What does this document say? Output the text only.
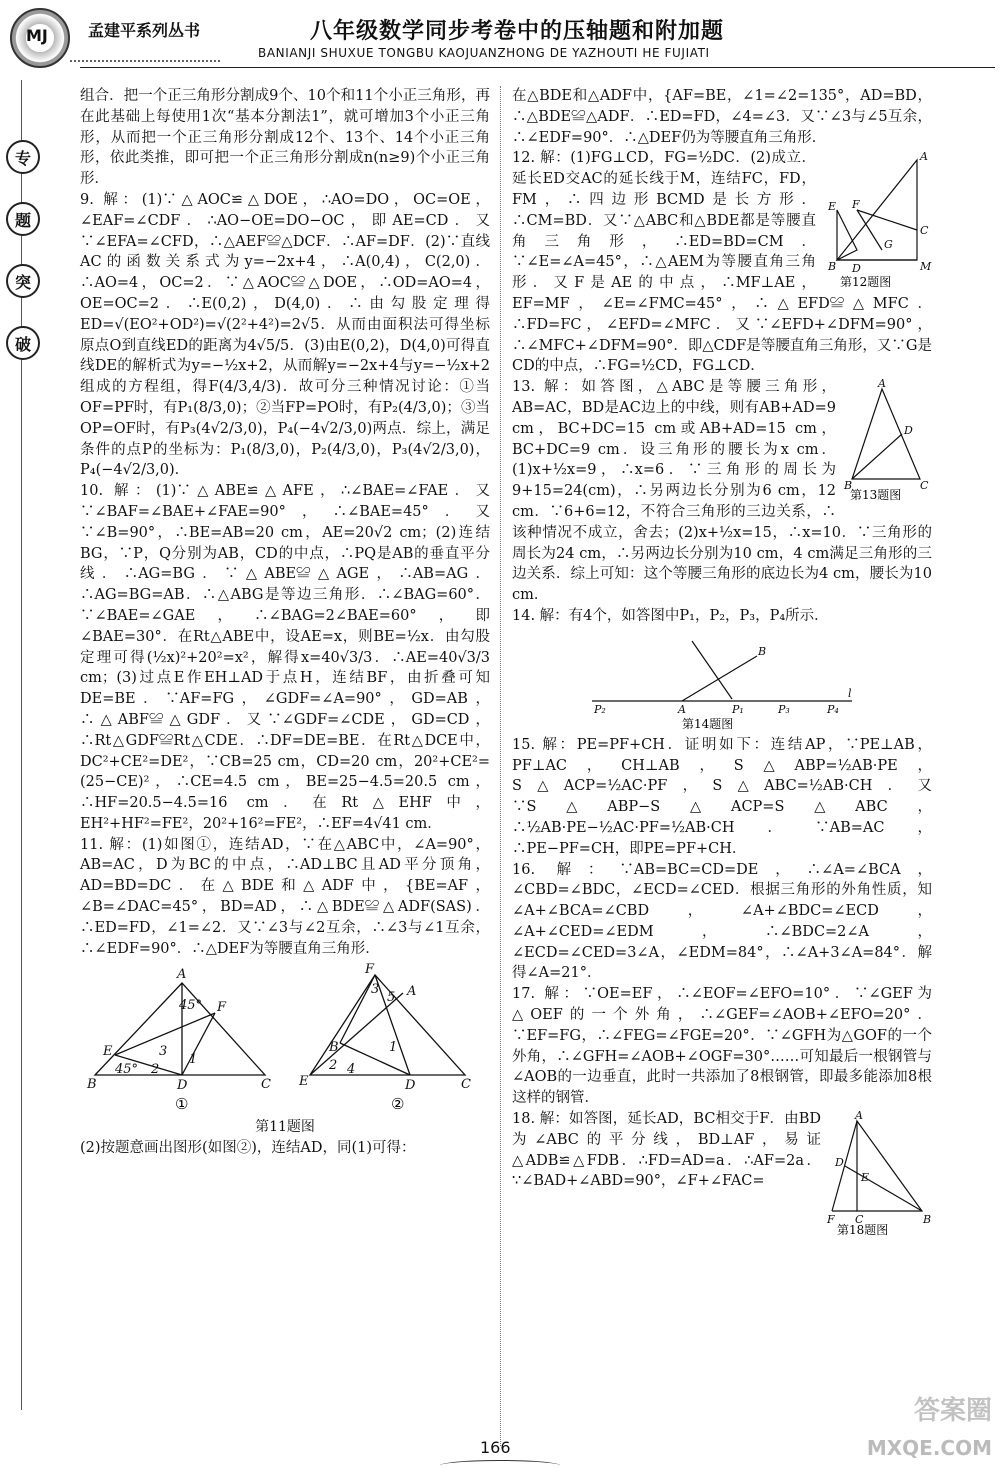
MJ	孟建平系列丛书	八年级数学同步考卷中的压轴题和附加题
BANIANJI SHUXUE TONGBU KAOJUANZHONG DE YAZHOUTI HE FUJIATI
专
题
突
破

组合．把一个正三角形分割成9个、10个和11个小正三角形，再在此基础上每使用1次“基本分割法1”，就可增加3个小正三角形，从而把一个正三角形分割成12个、13个、14个小正三角形，依此类推，即可把一个正三角形分割成n(n≥9)个小正三角形．

9. 解：(1)∵△AOC≌△DOE，∴AO=DO，OC=OE，∠EAF=∠CDF．∴AO−OE=DO−OC，即AE=CD．又∵∠EFA=∠CFD，∴△AEF≌△DCF．∴AF=DF．(2)∵直线AC的函数关系式为y=−2x+4，∴A(0,4)，C(2,0)．∴AO=4，OC=2．∵△AOC≌△DOE，∴OD=AO=4，OE=OC=2．∴E(0,2)，D(4,0)．∴由勾股定理得ED=√(EO²+OD²)=√(2²+4²)=2√5．从而由面积法可得坐标原点O到直线ED的距离为4√5/5．(3)由E(0,2)，D(4,0)可得直线DE的解析式为y=−½x+2，从而解y=−2x+4与y=−½x+2组成的方程组，得F(4/3,4/3)．故可分三种情况讨论：①当OF=PF时，有P₁(8/3,0)；②当FP=PO时，有P₂(4/3,0)；③当OP=OF时，有P₃(4√2/3,0)，P₄(−4√2/3,0)两点．综上，满足条件的点P的坐标为：P₁(8/3,0)，P₂(4/3,0)，P₃(4√2/3,0)，P₄(−4√2/3,0)．

10. 解：(1)∵△ABE≌△AFE，∴∠BAE=∠FAE．又∵∠BAF=∠BAE+∠FAE=90°，∴∠BAE=45°．又∵∠B=90°，∴BE=AB=20 cm，AE=20√2 cm；(2)连结BG，∵P，Q分别为AB，CD的中点，∴PQ是AB的垂直平分线．∴AG=BG．∵△ABE≌△AGE，∴AB=AG．∴AG=BG=AB．∴△ABG是等边三角形．∴∠BAG=60°．∵∠BAE=∠GAE，∴∠BAG=2∠BAE=60°，即∠BAE=30°．在Rt△ABE中，设AE=x，则BE=½x．由勾股定理可得(½x)²+20²=x²，解得x=40√3/3．∴AE=40√3/3 cm；(3)过点E作EH⊥AD于点H，连结BF，由折叠可知DE=BE．∵AF=FG，∠GDF=∠A=90°，GD=AB，∴△ABF≌△GDF．又∵∠GDF=∠CDE，GD=CD，∴Rt△GDF≌Rt△CDE．∴DF=DE=BE．在Rt△DCE中，DC²+CE²=DE²，∵CB=25 cm，CD=20 cm，20²+CE²=(25−CE)²，∴CE=4.5 cm，BE=25−4.5=20.5 cm，∴HF=20.5−4.5=16 cm．在Rt△EHF中，EH²+HF²=FE²，20²+16²=FE²，∴EF=4√41 cm．

11. 解：(1)如图①，连结AD，∵在△ABC中，∠A=90°，AB=AC，D为BC的中点，∴AD⊥BC且AD平分顶角，AD=BD=DC．在△BDE和△ADF中，{BE=AF，∠B=∠DAC=45°，BD=AD，∴△BDE≌△ADF(SAS)．∴ED=FD，∠1=∠2．又∵∠3与∠2互余，∴∠3与∠1互余，∴∠EDF=90°．∴△DEF为等腰直角三角形．

A
B	C
D
E
F
1
2
3
45°
45°
F
A
B
C
D
E
1
2
3
4
5
①	②
第11题图

(2)按题意画出图形(如图②)，连结AD，同(1)可得：

在△BDE和△ADF中，{AF=BE，∠1=∠2=135°，AD=BD，∴△BDE≌△ADF．∴ED=FD，∠4=∠3．又∵∠3与∠5互余，∴∠EDF=90°．∴△DEF仍为等腰直角三角形．

A
B
C
D
E F
G
M
第12题图

12. 解：(1)FG⊥CD，FG=½DC．(2)成立．延长ED交AC的延长线于M，连结FC，FD，FM，∴四边形BCMD是长方形．∴CM=BD．又∵△ABC和△BDE都是等腰直角三角形，∴ED=BD=CM．∵∠E=∠A=45°，∴△AEM为等腰直角三角形．又F是AE的中点，∴MF⊥AE，EF=MF，∠E=∠FMC=45°，∴△EFD≌△MFC．∴FD=FC，∠EFD=∠MFC．又∵∠EFD+∠DFM=90°，∴∠MFC+∠DFM=90°．即△CDF是等腰直角三角形，又∵G是CD的中点，∴FG=½CD，FG⊥CD．

A
B	C
D
第13题图

13. 解：如答图，△ABC是等腰三角形，AB=AC，BD是AC边上的中线，则有AB+AD=9 cm，BC+DC=15 cm或AB+AD=15 cm，BC+DC=9 cm．设三角形的腰长为x cm．(1)x+½x=9，∴x=6．∵三角形的周长为9+15=24(cm)，∴另两边长分别为6 cm，12 cm．∵6+6=12，不符合三角形的三边关系，∴该种情况不成立，舍去；(2)x+½x=15，∴x=10．∵三角形的周长为24 cm，∴另两边长分别为10 cm，4 cm满足三角形的三边关系．综上可知：这个等腰三角形的底边长为4 cm，腰长为10 cm．

14. 解：有4个，如答图中P₁，P₂，P₃，P₄所示．

P₂	A	P₁	P₃	P₄
l
B
第14题图

15. 解：PE=PF+CH．证明如下：连结AP，∵PE⊥AB，PF⊥AC，CH⊥AB，S△ABP=½AB·PE，S△ACP=½AC·PF，S△ABC=½AB·CH．又∵S△ABP−S△ACP=S△ABC，∴½AB·PE−½AC·PF=½AB·CH．∵AB=AC，∴PE−PF=CH，即PE=PF+CH．

16. 解：∵AB=BC=CD=DE，∴∠A=∠BCA，∠CBD=∠BDC，∠ECD=∠CED．根据三角形的外角性质，知∠A+∠BCA=∠CBD，∠A+∠BDC=∠ECD，∠A+∠CED=∠EDM，∴∠BDC=2∠A，∠ECD=∠CED=3∠A，∠EDM=84°，∴∠A+3∠A=84°．解得∠A=21°．

17. 解：∵OE=EF，∴∠EOF=∠EFO=10°．∵∠GEF为△OEF的一个外角，∴∠GEF=∠AOB+∠EFO=20°．∵EF=FG，∴∠FEG=∠FGE=20°．∵∠GFH为△GOF的一个外角，∴∠GFH=∠AOB+∠OGF=30°……可知最后一根钢管与∠AOB的一边垂直，此时一共添加了8根钢管，即最多能添加8根这样的钢管．

A
B
C
D
E
F
第18题图

18. 解：如答图，延长AD，BC相交于F．由BD为∠ABC的平分线，BD⊥AF，易证△ADB≌△FDB．∴FD=AD=a．∴AF=2a．∵∠BAD+∠ABD=90°，∠F+∠FAC=

166
答案圈
MXQE.COM
